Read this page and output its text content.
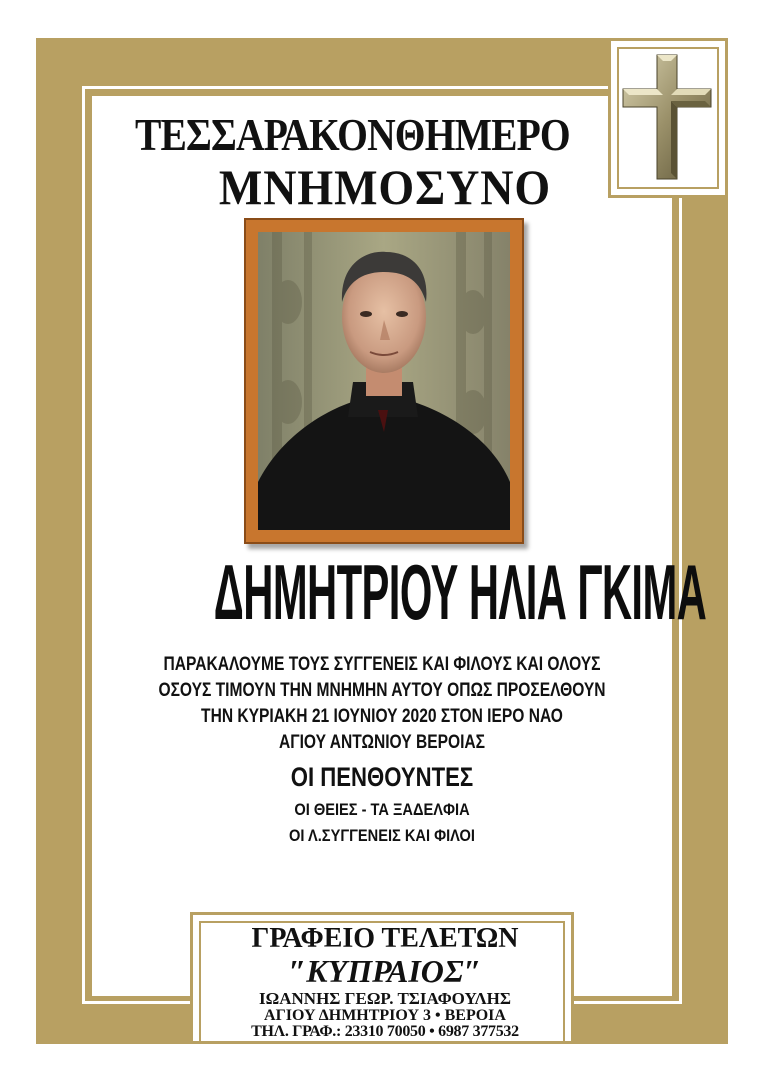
ΤΕΣΣΑΡΑΚΟΝΘΗΜΕΡΟ
ΜΝΗΜΟΣΥΝΟ
ΔΗΜΗΤΡΙΟΥ ΗΛΙΑ ΓΚΙΜΑ
ΠΑΡΑΚΑΛΟΥΜΕ ΤΟΥΣ ΣΥΓΓΕΝΕΙΣ ΚΑΙ ΦΙΛΟΥΣ ΚΑΙ ΟΛΟΥΣ
ΟΣΟΥΣ ΤΙΜΟΥΝ ΤΗΝ ΜΝΗΜΗΝ ΑΥΤΟΥ ΟΠΩΣ ΠΡΟΣΕΛΘΟΥΝ
ΤΗΝ ΚΥΡΙΑΚΗ 21 ΙΟΥΝΙΟΥ 2020 ΣΤΟΝ ΙΕΡΟ ΝΑΟ
ΑΓΙΟΥ ΑΝΤΩΝΙΟΥ ΒΕΡΟΙΑΣ
ΟΙ ΠΕΝΘΟΥΝΤΕΣ
ΟΙ ΘΕΙΕΣ - ΤΑ ΞΑΔΕΛΦΙΑ
ΟΙ Λ.ΣΥΓΓΕΝΕΙΣ ΚΑΙ ΦΙΛΟΙ
ΓΡΑΦΕΙΟ ΤΕΛΕΤΩΝ
″ΚΥΠΡΑΙΟΣ″
ΙΩΑΝΝΗΣ ΓΕΩΡ. ΤΣΙΑΦΟΥΛΗΣ
ΑΓΙΟΥ ΔΗΜΗΤΡΙΟΥ 3 • ΒΕΡΟΙΑ
ΤΗΛ. ΓΡΑΦ.: 23310 70050 • 6987 377532
